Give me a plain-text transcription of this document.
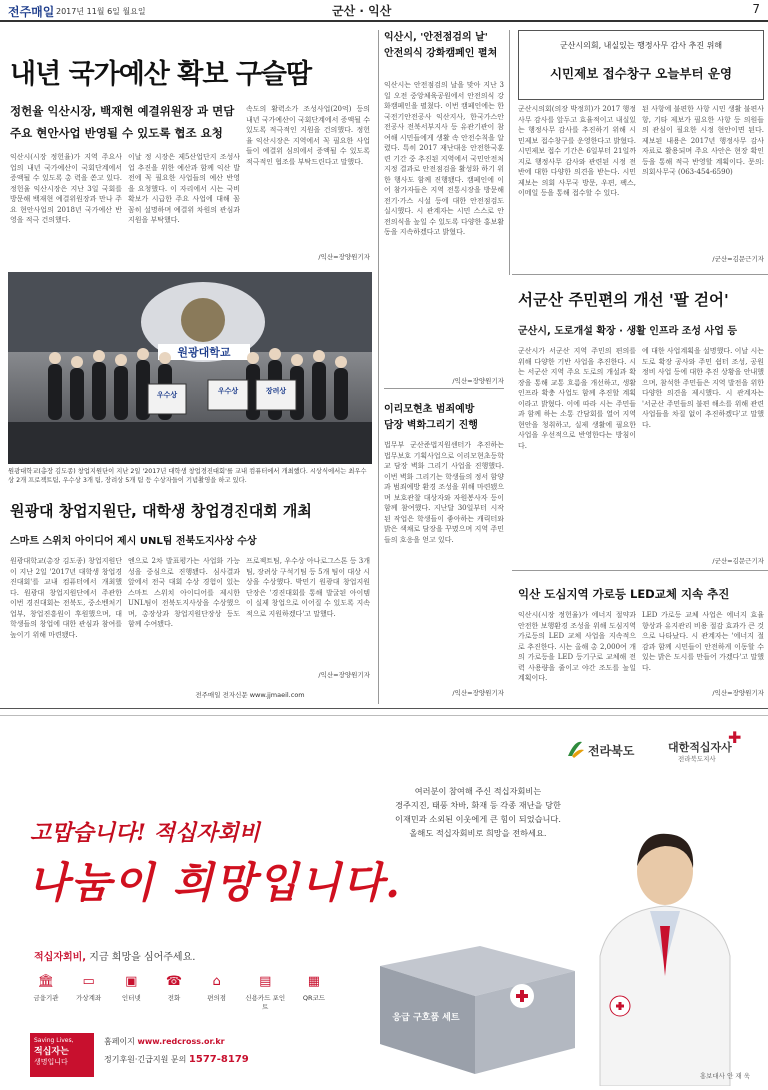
전주매일 2017년 11월 6일 월요일	군산 · 익산	7
내년 국가예산 확보 구슬땀
정헌율 익산시장, 백재현 예결위원장 과 면담
주요 현안사업 반영될 수 있도록 협조 요청
익산시(시장 정헌율)가 지역 주요사업의 내년 국가예산이 국회단계에서 증액될 수 있도록 총 력을 쏟고 있다. 정헌율 익산시장은 지난 3일 국회를 방문해 백재현 예결위원장과 만나 주요 현안사업의 2018년 국가예산 반영을 적극 건의했다.
이날 정 시장은 제5산업단지 조성사업 추진을 위한 예산과 함께 익산 발전에 꼭 필요한 사업들의 예산 반영을 요청했다. 이 자리에서 시는 국비 확보가 시급한 주요 사업에 대해 꼼꼼히 설명하며 예결위 차원의 관심과 지원을 부탁했다.
속도의 활력소가 조성사업(20억) 등의 내년 국가예산이 국회단계에서 증액될 수 있도록 적극적인 지원을 건의했다. 정헌율 익산시장은 지역에서 꼭 필요한 사업들이 예결위 심의에서 증액될 수 있도록 적극적인 협조를 부탁드린다고 말했다.
/익산=장양원기자
원광대학교
우수상	우수상	장려상
원광대학교(총장 김도종) 창업지원단이 지난 2일 '2017년 대학생 창업경진대회'를 교내 컴퓨터에서 개최했다. 시상식에서는 최우수상 2개 프로젝트팀, 우수상 3개 팀, 장려상 5개 팀 등 수상자들이 기념촬영을 하고 있다.
원광대 창업지원단, 대학생 창업경진대회 개최
스마트 스위치 아이디어 제시 UNL팀 전북도지사상 수상
원광대학교(총장 김도종) 창업지원단이 지난 2일 '2017년 대학생 창업경진대회'를 교내 컴퓨터에서 개최했다. 원광대 창업지원단에서 주관한 이번 경진대회는 전북도, 중소벤처기업부, 창업진흥원이 후원했으며, 대학생들의 창업에 대한 관심과 참여를 높이기 위해 마련됐다.
엔으로 2차 발표평가는 사업화 가능성을 중심으로 진행됐다. 심사결과 앞에서 전국 대회 수상 경험이 있는 스마트 스위치 아이디어를 제시한 UNL팀이 전북도지사상을 수상했으며, 총장상과 창업지원단장상 등도 함께 수여됐다.
프로젝트팀, 우수상 아나로그스톤 등 3개 팀, 장려상 구석기팀 등 5개 팀이 대상 시상을 수상했다. 박민기 원광대 창업지원단장은 '경진대회를 통해 발굴된 아이템이 실제 창업으로 이어질 수 있도록 지속적으로 지원하겠다'고 말했다.
/익산=장양원기자
전주매일 전자신문 www.jjmaeil.com
익산시, '안전점검의 날'
안전의식 강화캠페인 펼쳐
익산시는 안전점검의 날을 맞아 지난 3일 오전 중앙체육공원에서 안전의식 강화캠페인을 펼쳤다. 이번 캠페인에는 한국전기안전공사 익산지사, 한국가스안전공사 전북서부지사 등 유관기관이 참여해 시민들에게 생활 속 안전수칙을 알렸다. 특히 2017 재난대응 안전한국훈련 기간 중 추진된 지역에서 국민안전처 지정 결과로 안전점검을 활성화 하기 위한 행사도 함께 진행됐다. 캠페인에 이어 참가자들은 지역 전통시장을 방문해 전기·가스 시설 등에 대한 안전점검도 실시했다. 시 관계자는 시민 스스로 안전의식을 높일 수 있도록 다양한 홍보활동을 지속하겠다고 밝혔다.
/익산=장양원기자
이리모현초 범죄예방
담장 벽화그리기 진행
법무부 군산준법지원센터가 추진하는 법무보호 기획사업으로 이리모현초등학교 담장 벽화 그리기 사업을 진행했다. 이번 벽화 그리기는 학생들의 정서 함양과 범죄예방 환경 조성을 위해 마련됐으며 보호관찰 대상자와 자원봉사자 등이 함께 참여했다. 지난달 30일부터 시작된 작업은 학생들이 좋아하는 캐릭터와 밝은 색채로 담장을 꾸몄으며 지역 주민들의 호응을 얻고 있다.
/익산=장양원기자
군산시의회, 내실있는 행정사무 감사 추진 위해
시민제보 접수창구 오늘부터 운영
군산시의회(의장 박정희)가 2017 행정사무 감사를 앞두고 효율적이고 내실있는 행정사무 감사를 추진하기 위해 시민제보 접수창구를 운영한다고 밝혔다. 시민제보 접수 기간은 6일부터 21일까지로 행정사무 감사와 관련된 시정 전반에 대한 다양한 의견을 받는다. 시민제보는 의회 사무국 방문, 우편, 팩스, 이메일 등을 통해 접수할 수 있다.
된 사항에 불편한 사항 시민 생활 불편사항, 기타 제보가 필요한 사항 등 의원들의 관심이 필요한 시정 현안이면 된다. 제보된 내용은 2017년 행정사무 감사 자료로 활용되며 주요 사안은 현장 확인 등을 통해 적극 반영할 계획이다. 문의: 의회사무국 (063-454-6590)
/군산=김문근기자
서군산 주민편의 개선 '팔 걷어'
군산시, 도로개설 확장 · 생활 인프라 조성 사업 등
군산시가 서군산 지역 주민의 편의를 위해 다양한 기반 사업을 추진한다. 시는 서군산 지역 주요 도로의 개설과 확장을 통해 교통 흐름을 개선하고, 생활 인프라 확충 사업도 함께 추진할 계획이라고 밝혔다. 이에 따라 시는 주민들과 함께 하는 소통 간담회를 열어 지역 현안을 청취하고, 실제 생활에 필요한 사업을 우선적으로 반영한다는 방침이다.
에 대한 사업계획을 설명했다. 이날 시는 도로 확장 공사와 주민 쉼터 조성, 공원 정비 사업 등에 대한 추진 상황을 안내했으며, 참석한 주민들은 지역 발전을 위한 다양한 의견을 제시했다. 시 관계자는 '서군산 주민들의 불편 해소를 위해 관련 사업들을 차질 없이 추진하겠다'고 말했다.
/군산=김문근기자
익산 도심지역 가로등 LED교체 지속 추진
익산시(시장 정헌율)가 에너지 절약과 안전한 보행환경 조성을 위해 도심지역 가로등의 LED 교체 사업을 지속적으로 추진한다. 시는 올해 총 2,000여 개의 가로등을 LED 등기구로 교체해 전력 사용량을 줄이고 야간 조도를 높일 계획이다.
LED 가로등 교체 사업은 에너지 효율 향상과 유지관리 비용 절감 효과가 큰 것으로 나타났다. 시 관계자는 '에너지 절감과 함께 시민들이 안전하게 이동할 수 있는 밝은 도시를 만들어 가겠다'고 말했다.
/익산=장양원기자
고맙습니다! 적십자회비
나눔이 희망입니다.
여러분이 참여해 주신 적십자회비는
경주지진, 태풍 차바, 화재 등 각종 재난을 당한
이재민과 소외된 이웃에게 큰 힘이 되었습니다.
올해도 적십자회비로 희망을 전하세요.
전라북도	대한적십자사
✚
전라북도지사
홍보대사 안 재 욱
응급 구호품 세트
적십자회비, 지금 희망을 심어주세요.
🏛
금융기관
▭
가상계좌
▣
인터넷
☎
전화
⌂
편의점
▤
신용카드 포인트
▦
QR코드
Saving Lives,
적십자는
생명입니다
홈페이지 www.redcross.or.kr
정기후원·긴급지원 문의 1577-8179
